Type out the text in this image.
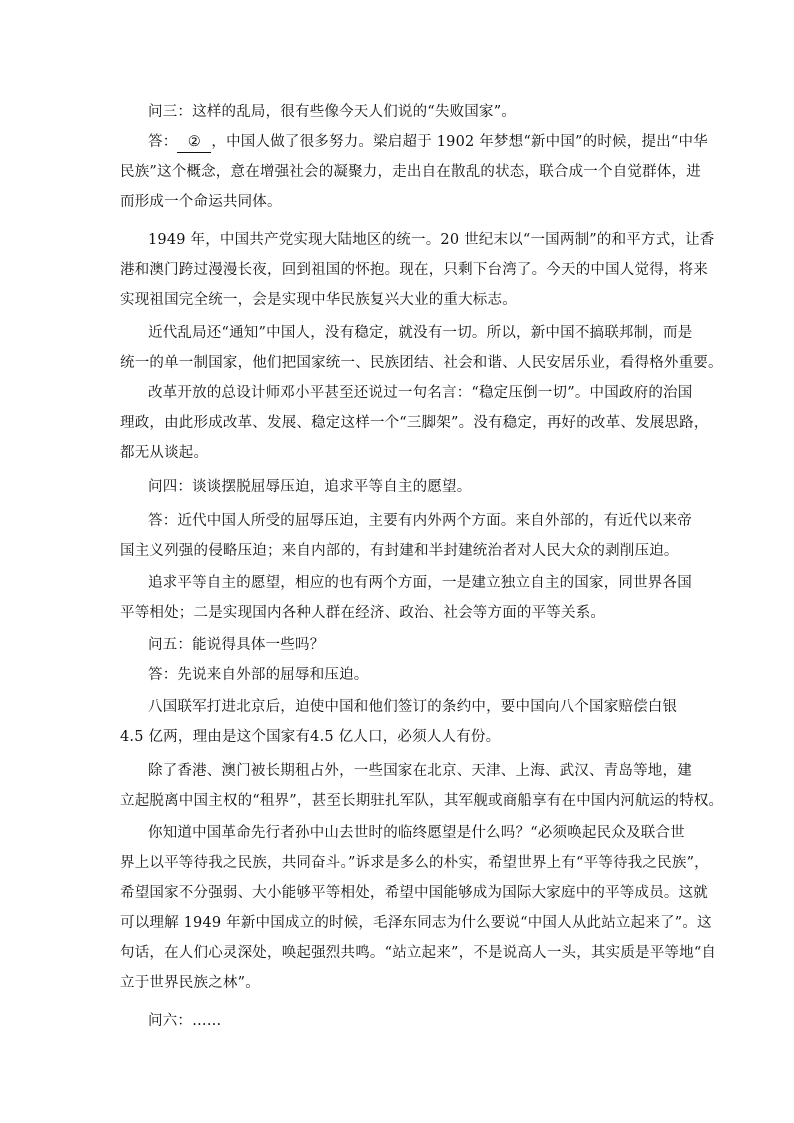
问三：这样的乱局，很有些像今天人们说的“失败国家”。

答： ② ，中国人做了很多努力。梁启超于 1902 年梦想“新中国”的时候，提出“中华
民族”这个概念，意在增强社会的凝聚力，走出自在散乱的状态，联合成一个自觉群体，进
而形成一个命运共同体。
1949 年，中国共产党实现大陆地区的统一。20 世纪末以“一国两制”的和平方式，让香
港和澳门跨过漫漫长夜，回到祖国的怀抱。现在，只剩下台湾了。今天的中国人觉得，将来
实现祖国完全统一，会是实现中华民族复兴大业的重大标志。
近代乱局还“通知”中国人，没有稳定，就没有一切。所以，新中国不搞联邦制，而是
统一的单一制国家，他们把国家统一、民族团结、社会和谐、人民安居乐业，看得格外重要。
改革开放的总设计师邓小平甚至还说过一句名言：“稳定压倒一切”。中国政府的治国
理政，由此形成改革、发展、稳定这样一个“三脚架”。没有稳定，再好的改革、发展思路，
都无从谈起。

问四：谈谈摆脱屈辱压迫，追求平等自主的愿望。

答：近代中国人所受的屈辱压迫，主要有内外两个方面。来自外部的，有近代以来帝
国主义列强的侵略压迫；来自内部的，有封建和半封建统治者对人民大众的剥削压迫。
追求平等自主的愿望，相应的也有两个方面，一是建立独立自主的国家，同世界各国
平等相处；二是实现国内各种人群在经济、政治、社会等方面的平等关系。

问五：能说得具体一些吗？

答：先说来自外部的屈辱和压迫。

八国联军打进北京后，迫使中国和他们签订的条约中，要中国向八个国家赔偿白银
4.5 亿两，理由是这个国家有4.5 亿人口，必须人人有份。
除了香港、澳门被长期租占外，一些国家在北京、天津、上海、武汉、青岛等地，建
立起脱离中国主权的“租界”，甚至长期驻扎军队，其军舰或商船享有在中国内河航运的特权。
你知道中国革命先行者孙中山去世时的临终愿望是什么吗？“必须唤起民众及联合世
界上以平等待我之民族，共同奋斗。”诉求是多么的朴实，希望世界上有“平等待我之民族”，
希望国家不分强弱、大小能够平等相处，希望中国能够成为国际大家庭中的平等成员。这就
可以理解 1949 年新中国成立的时候，毛泽东同志为什么要说“中国人从此站立起来了”。这
句话，在人们心灵深处，唤起强烈共鸣。“站立起来”，不是说高人一头，其实质是平等地“自
立于世界民族之林”。

问六：……
